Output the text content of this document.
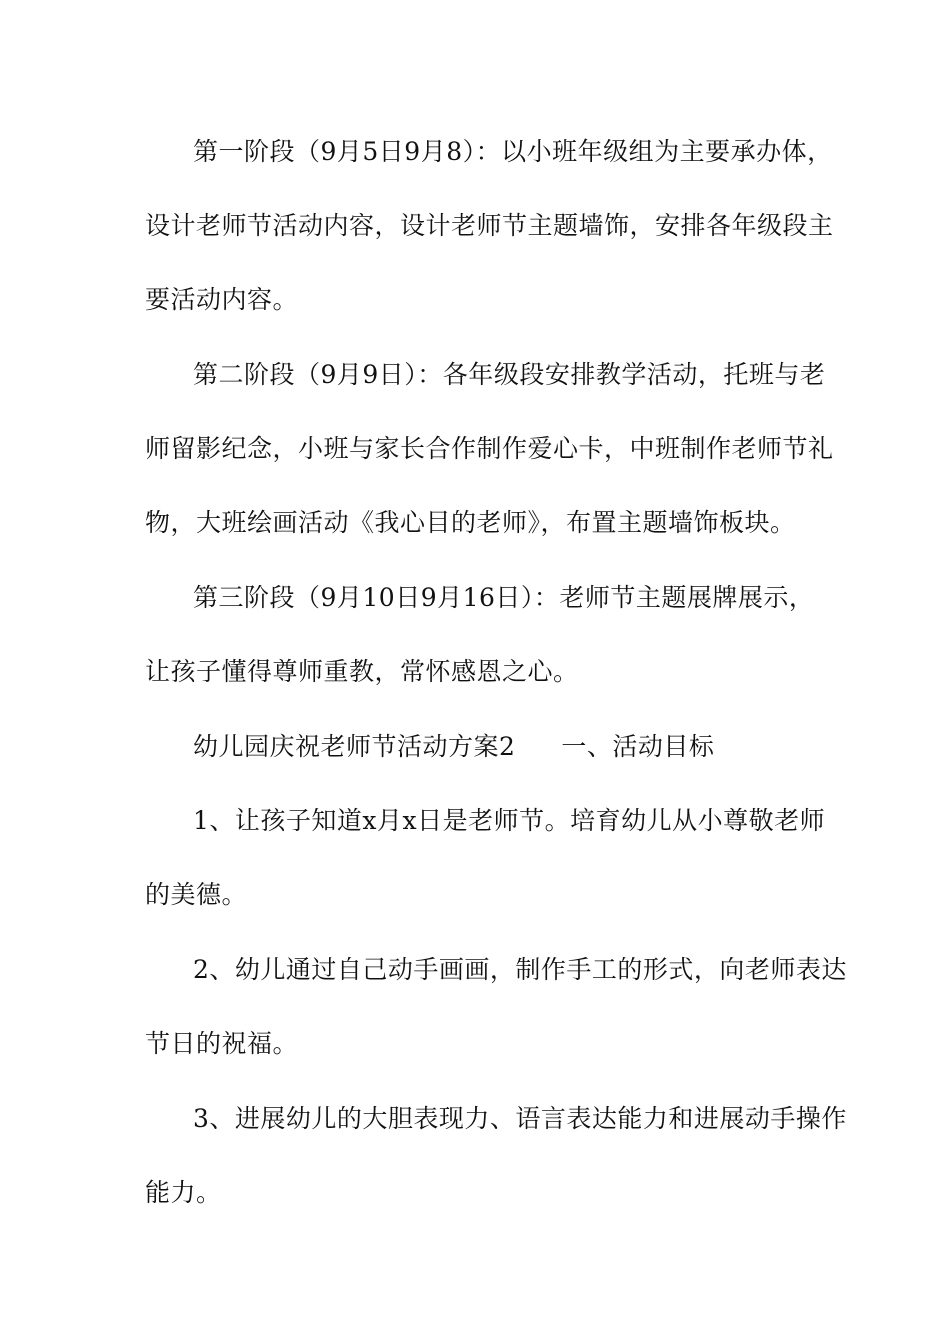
第一阶段（9月5日9月8）：以小班年级组为主要承办体，
设计老师节活动内容，设计老师节主题墙饰，安排各年级段主
要活动内容。
第二阶段（9月9日）：各年级段安排教学活动，托班与老
师留影纪念，小班与家长合作制作爱心卡，中班制作老师节礼
物，大班绘画活动《我心目的老师》，布置主题墙饰板块。
第三阶段（9月10日9月16日）：老师节主题展牌展示，
让孩子懂得尊师重教，常怀感恩之心。
幼儿园庆祝老师节活动方案2 一、活动目标
1、让孩子知道x月x日是老师节。培育幼儿从小尊敬老师
的美德。
2、幼儿通过自己动手画画，制作手工的形式，向老师表达
节日的祝福。
3、进展幼儿的大胆表现力、语言表达能力和进展动手操作
能力。
